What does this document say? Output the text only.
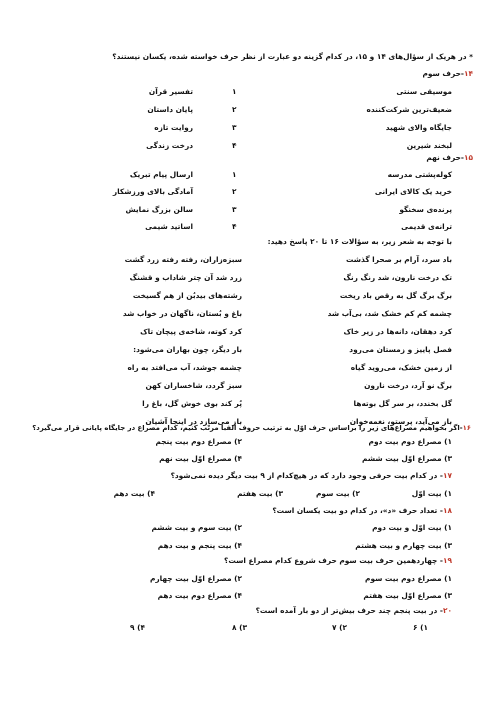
* در هریک از سؤال‌های ۱۴ و ۱۵، در کدام گزینه دو عبارت از نظر حرف خواسته شده، یکسان نیستند؟
۱۴-حرف سوم
موسیقی سنتی
۱
تفسیر قرآن
ضعیف‌ترین شرکت‌کننده
۲
پایان داستان
جایگاه والای شهید
۳
روایت تازه
لبخند شیرین
۴
درخت زندگی
۱۵-حرف نهم
کوله‌پشتی مدرسه
۱
ارسال پیام تبریک
خرید یک کالای ایرانی
۲
آمادگی بالای ورزشکار
پرنده‌ی سخنگو
۳
سالن بزرگ نمایش
ترانه‌ی قدیمی
۴
اساتید شیمی
با توجه به شعر زیر، به سؤالات ۱۶ تا ۲۰ پاسخ دهید:
باد سرد، آرام بر صحرا گذشت
سبزه‌زاران، رفته رفته زرد گشت
تک درخت نارون، شد رنگ رنگ
زرد شد آن چتر شاداب و قشنگ
برگ برگ گل به رقص باد ریخت
رشته‌های بیدبُن از هم گسیخت
چشمه کم کم خشک شد، بی‌آب شد
باغ و بُستان، ناگهان در خواب شد
کرد دهقان، دانه‌ها در زیر خاک
کرد کوته، شاخه‌ی پیچان تاک
فصل پاییز و زمستان می‌رود
بار دیگر، چون بهاران می‌شود:
از زمین خشک، می‌روید گیاه
چشمه جوشد، آب می‌افتد به راه
برگ نو آرد، درخت نارون
سبز گردد، شاخساران کهن
گل بخندد، بر سر گل بوته‌ها
پُر کند بوی خوش گل، باغ را
باز می‌آید، پرستو، نغمه‌خوان
باز می‌سازد در اینجا آشیان
۱۶-اگر بخواهیم مصراع‌های زیر را براساس حرف اوّل به ترتیب حروف الفبا مرتّب کنیم، کدام مصراع در جایگاه پایانی قرار می‌گیرد؟
۱) مصراع دوم بیت دوم
۲) مصراع دوم بیت پنجم
۳) مصراع اوّل بیت ششم
۴) مصراع اوّل بیت نهم
۱۷- در کدام بیت حرفی وجود دارد که در هیچ‌کدام از ۹ بیت دیگر دیده نمی‌شود؟
۱) بیت اوّل
۲) بیت سوم
۳) بیت هفتم
۴) بیت دهم
۱۸- تعداد حرف «د»، در کدام دو بیت یکسان است؟
۱) بیت اوّل و بیت دوم
۲) بیت سوم و بیت ششم
۳) بیت چهارم و بیت هشتم
۴) بیت پنجم و بیت دهم
۱۹- چهاردهمین حرف بیت سوم حرف شروع کدام مصراع است؟
۱) مصراع دوم بیت سوم
۲) مصراع اوّل بیت چهارم
۳) مصراع اوّل بیت هفتم
۴) مصراع دوم بیت دهم
۲۰- در بیت پنجم چند حرف بیش‌تر از دو بار آمده است؟
۱) ۶
۲) ۷
۳) ۸
۴) ۹
